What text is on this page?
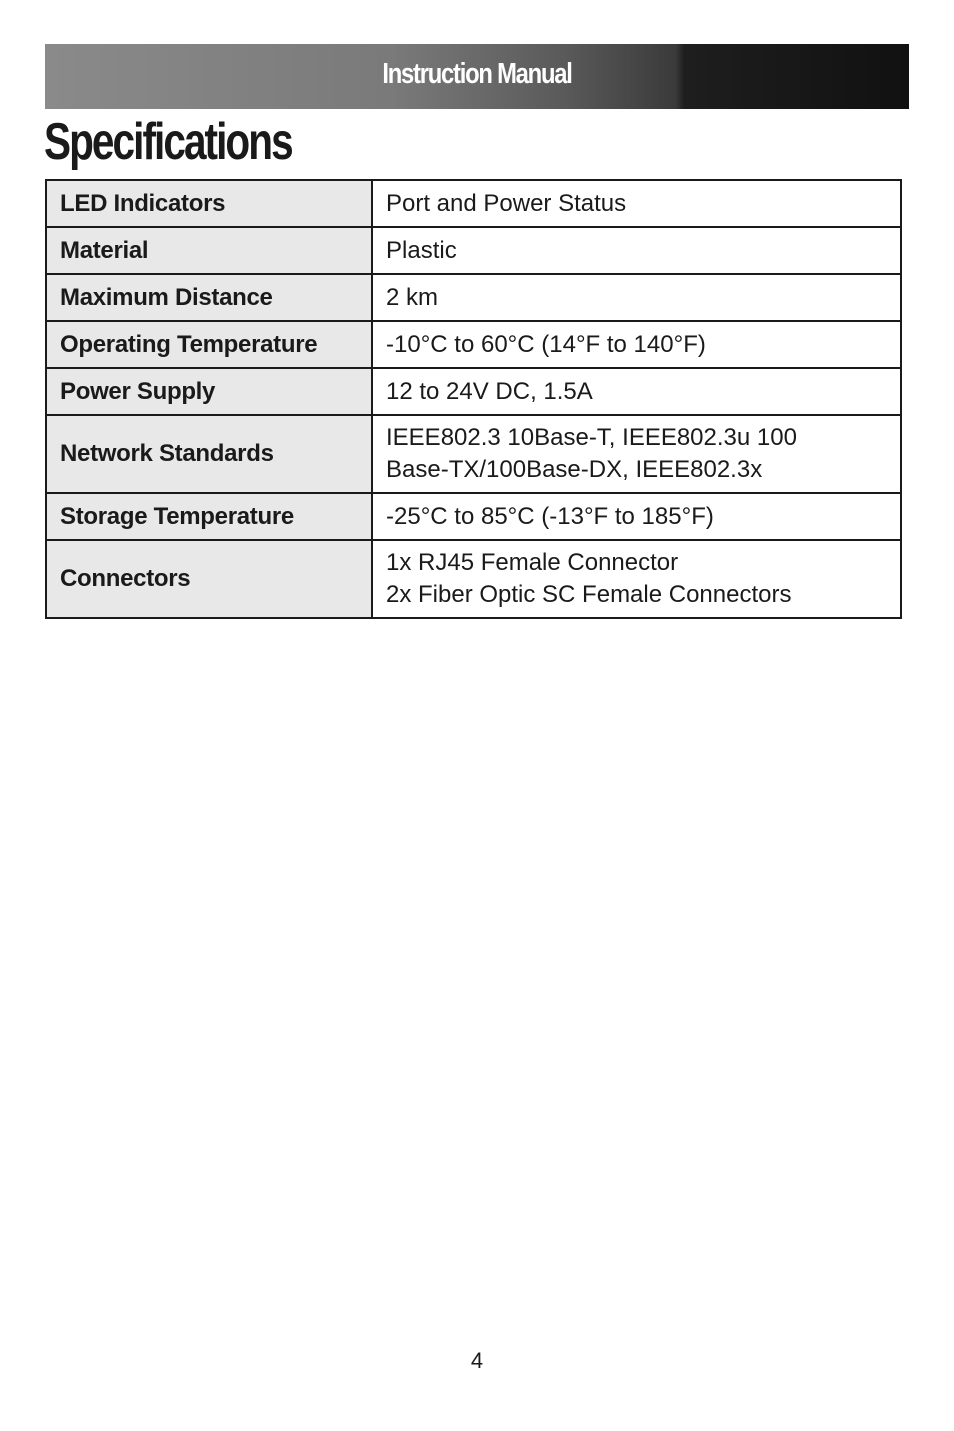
Instruction Manual
Specifications
LED Indicators	Port and Power Status

Material	Plastic

Maximum Distance	2 km

Operating Temperature	-10°C to 60°C (14°F to 140°F)

Power Supply	12 to 24V DC, 1.5A

Network Standards	IEEE802.3 10Base-T, IEEE802.3u 100
Base-TX/100Base-DX, IEEE802.3x

Storage Temperature	-25°C to 85°C (-13°F to 185°F)

Connectors	1x RJ45 Female Connector
2x Fiber Optic SC Female Connectors
4
